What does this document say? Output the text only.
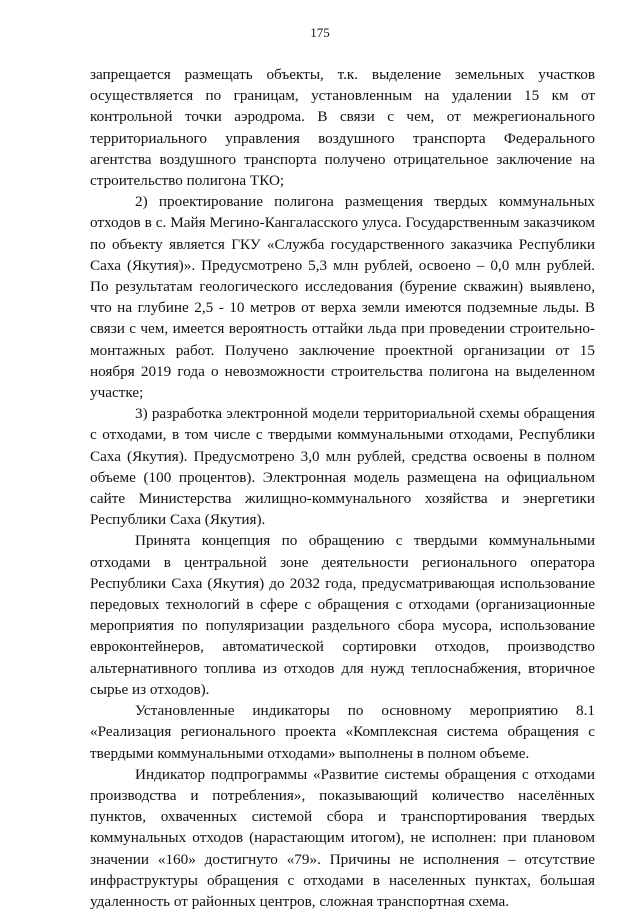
175

запрещается размещать объекты, т.к. выделение земельных участков осуществляется по границам, установленным на удалении 15 км от контрольной точки аэродрома. В связи с чем, от межрегионального территориального управления воздушного транспорта Федерального агентства воздушного транспорта получено отрицательное заключение на строительство полигона ТКО;

2) проектирование полигона размещения твердых коммунальных отходов в с. Майя Мегино-Кангаласского улуса. Государственным заказчиком по объекту является ГКУ «Служба государственного заказчика Республики Саха (Якутия)». Предусмотрено 5,3 млн рублей, освоено – 0,0 млн рублей. По результатам геологического исследования (бурение скважин) выявлено, что на глубине 2,5 - 10 метров от верха земли имеются подземные льды. В связи с чем, имеется вероятность оттайки льда при проведении строительно-монтажных работ. Получено заключение проектной организации от 15 ноября 2019 года о невозможности строительства полигона на выделенном участке;

3) разработка электронной модели территориальной схемы обращения с отходами, в том числе с твердыми коммунальными отходами, Республики Саха (Якутия). Предусмотрено 3,0 млн рублей, средства освоены в полном объеме (100 процентов). Электронная модель размещена на официальном сайте Министерства жилищно-коммунального хозяйства и энергетики Республики Саха (Якутия).

Принята концепция по обращению с твердыми коммунальными отходами в центральной зоне деятельности регионального оператора Республики Саха (Якутия) до 2032 года, предусматривающая использование передовых технологий в сфере с обращения с отходами (организационные мероприятия по популяризации раздельного сбора мусора, использование евроконтейнеров, автоматической сортировки отходов, производство альтернативного топлива из отходов для нужд теплоснабжения, вторичное сырье из отходов).

Установленные индикаторы по основному мероприятию 8.1 «Реализация регионального проекта «Комплексная система обращения с твердыми коммунальными отходами» выполнены в полном объеме.

Индикатор подпрограммы «Развитие системы обращения с отходами производства и потребления», показывающий количество населённых пунктов, охваченных системой сбора и транспортирования твердых коммунальных отходов (нарастающим итогом), не исполнен: при плановом значении «160» достигнуто «79». Причины не исполнения – отсутствие инфраструктуры обращения с отходами в населенных пунктах, большая удаленность от районных центров, сложная транспортная схема.
